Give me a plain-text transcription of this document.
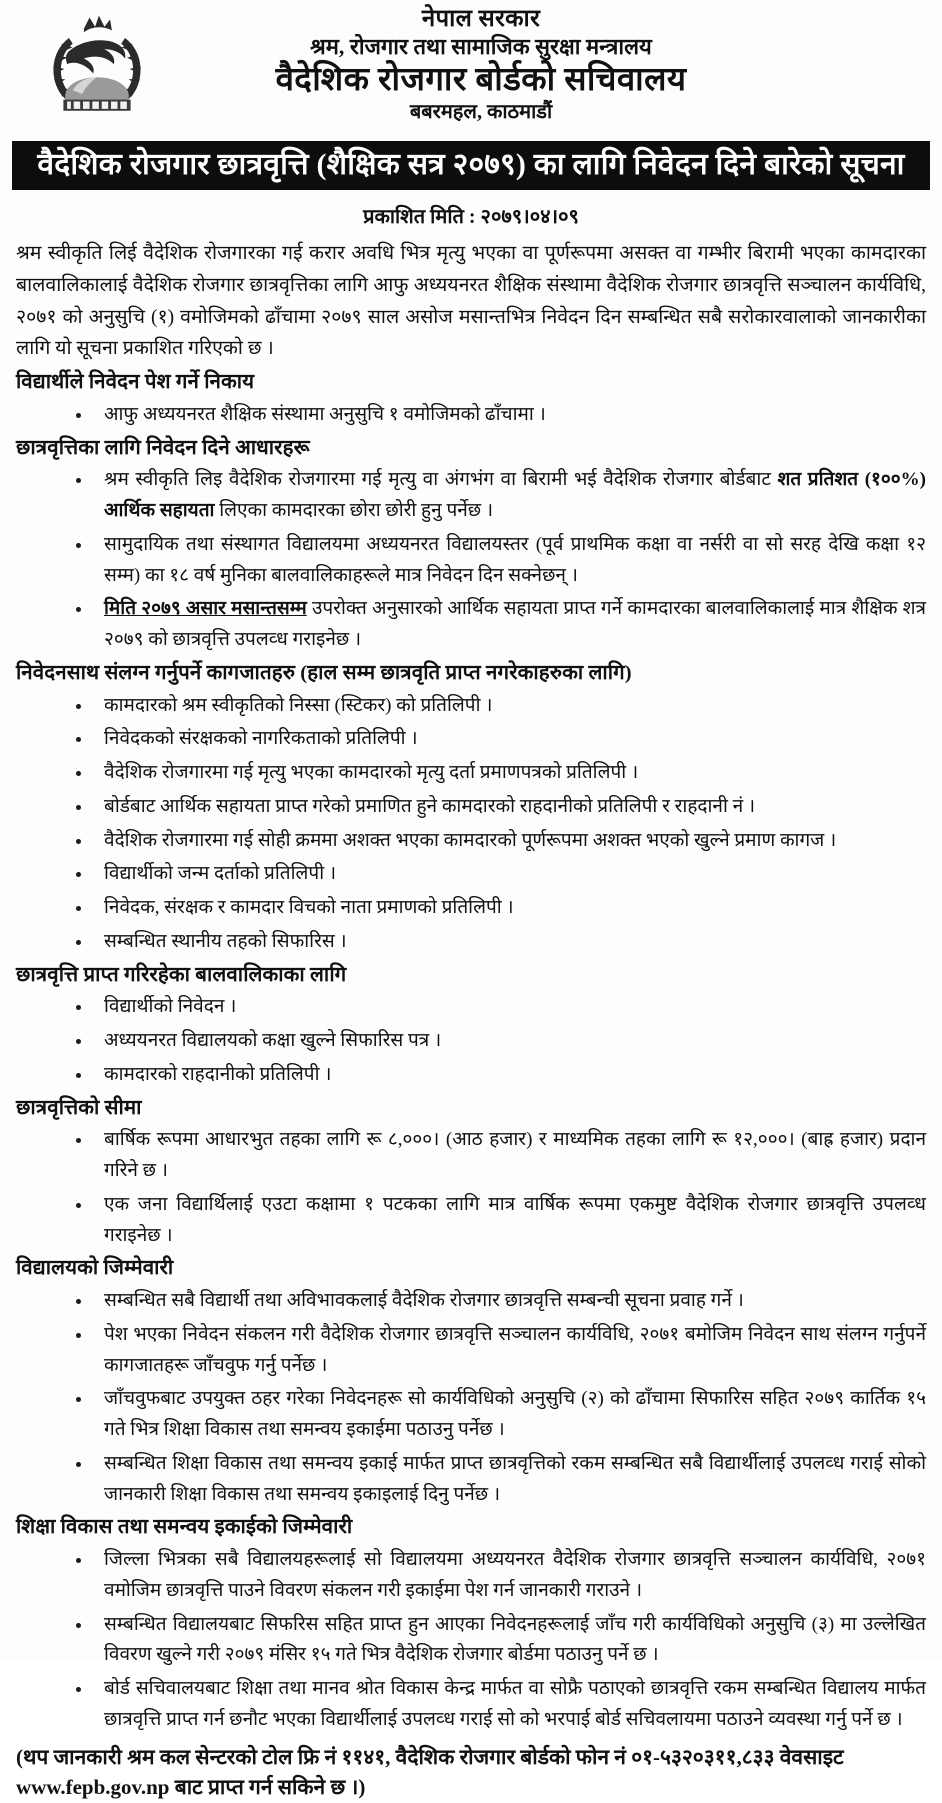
नेपाल सरकार
श्रम, रोजगार तथा सामाजिक सुरक्षा मन्त्रालय
वैदेशिक रोजगार बोर्डको सचिवालय
बबरमहल, काठमाडौं
वैदेशिक रोजगार छात्रवृत्ति (शैक्षिक सत्र २०७९) का लागि निवेदन दिने बारेको सूचना
प्रकाशित मिति : २०७९।०४।०९

श्रम स्वीकृति लिई वैदेशिक रोजगारका गई करार अवधि भित्र मृत्यु भएका वा पूर्णरूपमा असक्त वा गम्भीर बिरामी भएका कामदारका बालवालिकालाई वैदेशिक रोजगार छात्रवृत्तिका लागि आफु अध्ययनरत शैक्षिक संस्थामा वैदेशिक रोजगार छात्रवृत्ति सञ्चालन कार्यविधि, २०७१ को अनुसुचि (१) वमोजिमको ढाँचामा २०७९ साल असोज मसान्तभित्र निवेदन दिन सम्बन्धित सबै सरोकारवालाको जानकारीका लागि यो सूचना प्रकाशित गरिएको छ ।

विद्यार्थीले निवेदन पेश गर्ने निकाय
आफु अध्ययनरत शैक्षिक संस्थामा अनुसुचि १ वमोजिमको ढाँचामा ।
छात्रवृत्तिका लागि निवेदन दिने आधारहरू
श्रम स्वीकृति लिइ वैदेशिक रोजगारमा गई मृत्यु वा अंगभंग वा बिरामी भई वैदेशिक रोजगार बोर्डबाट शत प्रतिशत (१००%) आर्थिक सहायता लिएका कामदारका छोरा छोरी हुनु पर्नेछ ।
सामुदायिक तथा संस्थागत विद्यालयमा अध्ययनरत विद्यालयस्तर (पूर्व प्राथमिक कक्षा वा नर्सरी वा सो सरह देखि कक्षा १२ सम्म) का १८ वर्ष मुनिका बालवालिकाहरूले मात्र निवेदन दिन सक्नेछन् ।
मिति २०७९ असार मसान्तसम्म उपरोक्त अनुसारको आर्थिक सहायता प्राप्त गर्ने कामदारका बालवालिकालाई मात्र शैक्षिक शत्र २०७९ को छात्रवृत्ति उपलव्ध गराइनेछ ।
निवेदनसाथ संलग्न गर्नुपर्ने कागजातहरु (हाल सम्म छात्रवृति प्राप्त नगरेकाहरुका लागि)
कामदारको श्रम स्वीकृतिको निस्सा (स्टिकर) को प्रतिलिपी ।
निवेदकको संरक्षकको नागरिकताको प्रतिलिपी ।
वैदेशिक रोजगारमा गई मृत्यु भएका कामदारको मृत्यु दर्ता प्रमाणपत्रको प्रतिलिपी ।
बोर्डबाट आर्थिक सहायता प्राप्त गरेको प्रमाणित हुने कामदारको राहदानीको प्रतिलिपी र राहदानी नं ।
वैदेशिक रोजगारमा गई सोही क्रममा अशक्त भएका कामदारको पूर्णरूपमा अशक्त भएको खुल्ने प्रमाण कागज ।
विद्यार्थीको जन्म दर्ताको प्रतिलिपी ।
निवेदक, संरक्षक र कामदार विचको नाता प्रमाणको प्रतिलिपी ।
सम्बन्धित स्थानीय तहको सिफारिस ।
छात्रवृत्ति प्राप्त गरिरहेका बालवालिकाका लागि
विद्यार्थीको निवेदन ।
अध्ययनरत विद्यालयको कक्षा खुल्ने सिफारिस पत्र ।
कामदारको राहदानीको प्रतिलिपी ।
छात्रवृत्तिको सीमा
बार्षिक रूपमा आधारभुत तहका लागि रू ८,०००। (आठ हजार) र माध्यमिक तहका लागि रू १२,०००। (बाह्र हजार) प्रदान गरिने छ ।
एक जना विद्यार्थिलाई एउटा कक्षामा १ पटकका लागि मात्र वार्षिक रूपमा एकमुष्ट वैदेशिक रोजगार छात्रवृत्ति उपलव्ध गराइनेछ ।
विद्यालयको जिम्मेवारी
सम्बन्धित सबै विद्यार्थी तथा अविभावकलाई वैदेशिक रोजगार छात्रवृत्ति सम्बन्ची सूचना प्रवाह गर्ने ।
पेश भएका निवेदन संकलन गरी वैदेशिक रोजगार छात्रवृत्ति सञ्चालन कार्यविधि, २०७१ बमोजिम निवेदन साथ संलग्न गर्नुपर्ने कागजातहरू जाँचवुफ गर्नु पर्नेछ ।
जाँचवुफबाट उपयुक्त ठहर गरेका निवेदनहरू सो कार्यविधिको अनुसुचि (२) को ढाँचामा सिफारिस सहित २०७९ कार्तिक १५ गते भित्र शिक्षा विकास तथा समन्वय इकाईमा पठाउनु पर्नेछ ।
सम्बन्धित शिक्षा विकास तथा समन्वय इकाई मार्फत प्राप्त छात्रवृत्तिको रकम सम्बन्धित सबै विद्यार्थीलाई उपलव्ध गराई सोको जानकारी शिक्षा विकास तथा समन्वय इकाइलाई दिनु पर्नेछ ।
शिक्षा विकास तथा समन्वय इकाईको जिम्मेवारी
जिल्ला भित्रका सबै विद्यालयहरूलाई सो विद्यालयमा अध्ययनरत वैदेशिक रोजगार छात्रवृत्ति सञ्चालन कार्यविधि, २०७१ वमोजिम छात्रवृत्ति पाउने विवरण संकलन गरी इकाईमा पेश गर्न जानकारी गराउने ।
सम्बन्धित विद्यालयबाट सिफरिस सहित प्राप्त हुन आएका निवेदनहरूलाई जाँच गरी कार्यविधिको अनुसुचि (३) मा उल्लेखित विवरण खुल्ने गरी २०७९ मंसिर १५ गते भित्र वैदेशिक रोजगार बोर्डमा पठाउनु पर्ने छ ।
बोर्ड सचिवालयबाट शिक्षा तथा मानव श्रोत विकास केन्द्र मार्फत वा सोफ्रै पठाएको छात्रवृत्ति रकम सम्बन्धित विद्यालय मार्फत छात्रवृत्ति प्राप्त गर्न छनौट भएका विद्यार्थीलाई उपलव्ध गराई सो को भरपाई बोर्ड सचिवलायमा पठाउने व्यवस्था गर्नु पर्ने छ ।
(थप जानकारी श्रम कल सेन्टरको टोल फ्रि नं ११४१, वैदेशिक रोजगार बोर्डको फोन नं ०१-५३२०३११,८३३ वेवसाइट www.fepb.gov.np बाट प्राप्त गर्न सकिने छ ।)
